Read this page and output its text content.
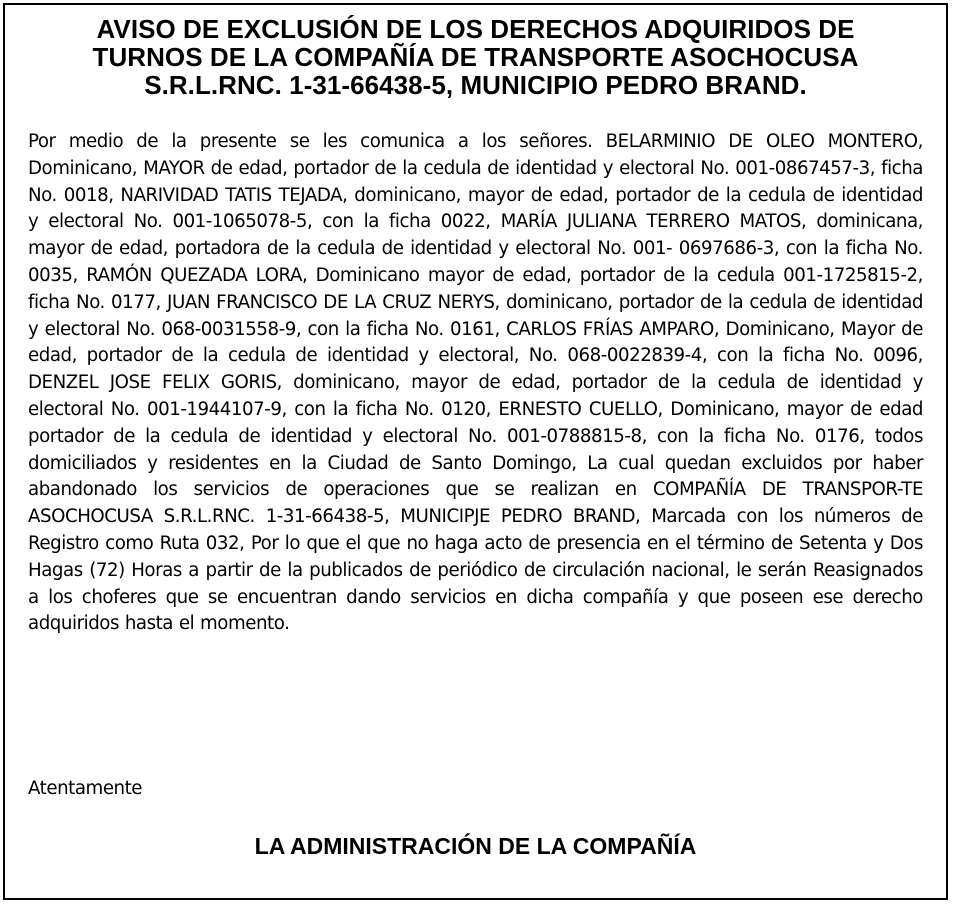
AVISO DE EXCLUSIÓN DE LOS DERECHOS ADQUIRIDOS DE
TURNOS DE LA COMPAÑÍA DE TRANSPORTE ASOCHOCUSA
S.R.L.RNC. 1-31-66438-5, MUNICIPIO PEDRO BRAND.

Por medio de la presente se les comunica a los señores. BELARMINIO DE OLEO MONTERO, Dominicano, MAYOR de edad, portador de la cedula de identidad y electoral No. 001-0867457-3, ficha No. 0018, NARIVIDAD TATIS TEJADA, dominicano, mayor de edad, portador de la cedula de identidad y electoral No. 001-1065078-5, con la ficha 0022, MARÍA JULIANA TERRERO MATOS, dominicana, mayor de edad, portadora de la cedula de identidad y electoral No. 001- 0697686-3, con la ficha No. 0035, RAMÓN QUEZADA LORA, Dominicano mayor de edad, portador de la cedula 001-1725815-2, ficha No. 0177, JUAN FRANCISCO DE LA CRUZ NERYS, dominicano, portador de la cedula de identidad y electoral No. 068-0031558-9, con la ficha No. 0161, CARLOS FRÍAS AMPARO, Dominicano, Mayor de edad, portador de la cedula de identidad y electoral, No. 068-0022839-4, con la ficha No. 0096, DENZEL JOSE FELIX GORIS, dominicano, mayor de edad, portador de la cedula de identidad y electoral No. 001-1944107-9, con la ficha No. 0120, ERNESTO CUELLO, Dominicano, mayor de edad portador de la cedula de identidad y electoral No. 001-0788815-8, con la ficha No. 0176, todos domiciliados y residentes en la Ciudad de Santo Domingo, La cual quedan excluidos por haber abandonado los servicios de operaciones que se realizan en COMPAÑÍA DE TRANSPOR-TE ASOCHOCUSA S.R.L.RNC. 1-31-66438-5, MUNICIPJE PEDRO BRAND, Marcada con los números de Registro como Ruta 032, Por lo que el que no haga acto de presencia en el término de Setenta y Dos Hagas (72) Horas a partir de la publicados de periódico de circulación nacional, le serán Reasignados a los choferes que se encuentran dando servicios en dicha compañía y que poseen ese derecho adquiridos hasta el momento.

Atentamente

LA ADMINISTRACIÓN DE LA COMPAÑÍA
